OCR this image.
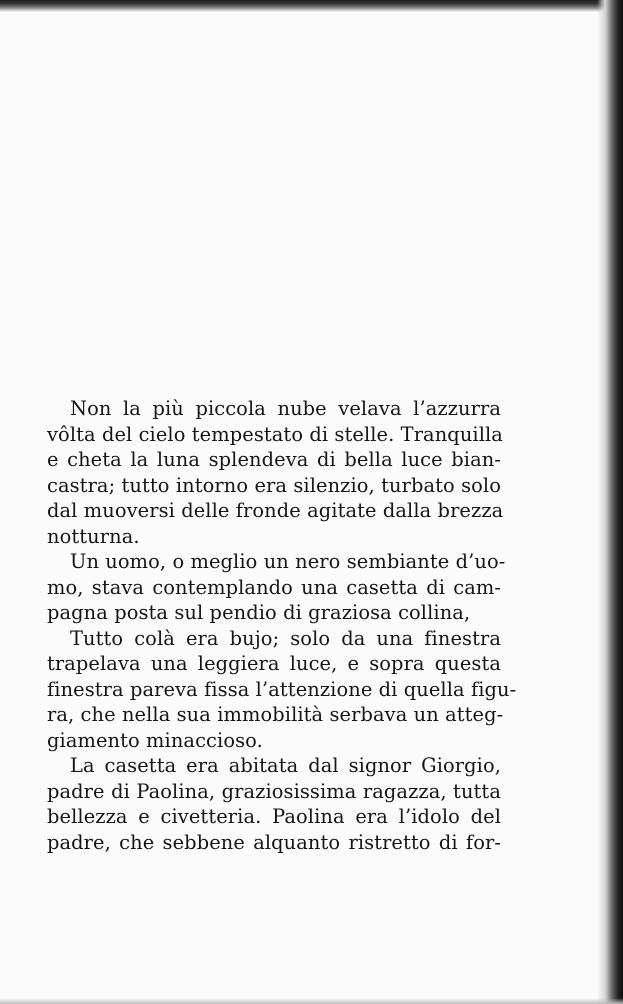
Non la più piccola nube velava l’azzurra
vôlta del cielo tempestato di stelle. Tranquilla
e cheta la luna splendeva di bella luce bian-
castra; tutto intorno era silenzio, turbato solo
dal muoversi delle fronde agitate dalla brezza
notturna.
Un uomo, o meglio un nero sembiante d’uo-
mo, stava contemplando una casetta di cam-
pagna posta sul pendio di graziosa collina,
Tutto colà era bujo; solo da una finestra
trapelava una leggiera luce, e sopra questa
finestra pareva fissa l’attenzione di quella figu-
ra, che nella sua immobilità serbava un atteg-
giamento minaccioso.
La casetta era abitata dal signor Giorgio,
padre di Paolina, graziosissima ragazza, tutta
bellezza e civetteria. Paolina era l’idolo del
padre, che sebbene alquanto ristretto di for-
